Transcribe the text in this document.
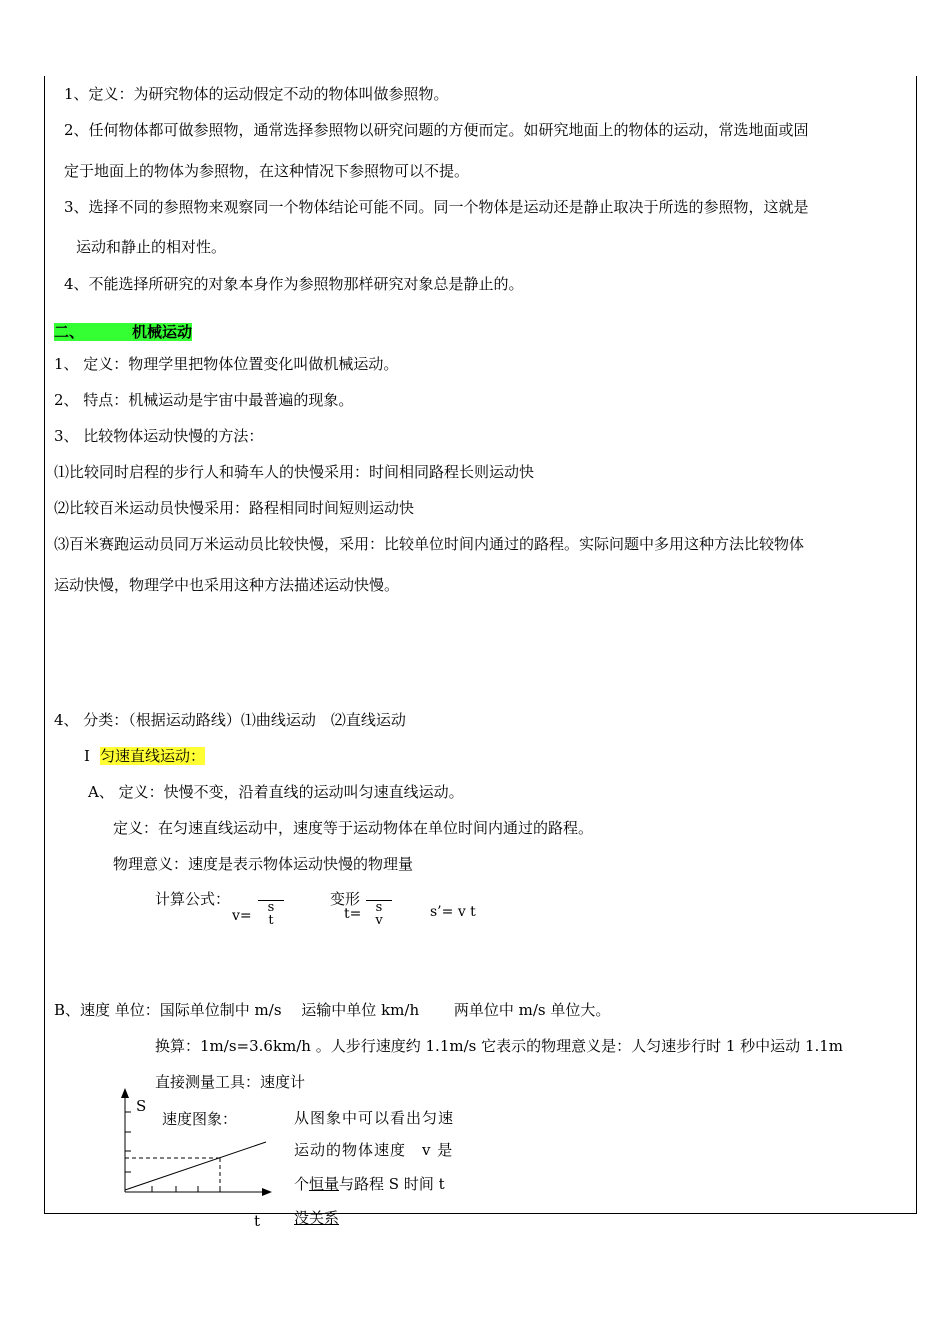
1、定义：为研究物体的运动假定不动的物体叫做参照物。
2、任何物体都可做参照物，通常选择参照物以研究问题的方便而定。如研究地面上的物体的运动，常选地面或固
定于地面上的物体为参照物，在这种情况下参照物可以不提。
3、选择不同的参照物来观察同一个物体结论可能不同。同一个物体是运动还是静止取决于所选的参照物，这就是
运动和静止的相对性。
4、不能选择所研究的对象本身作为参照物那样研究对象总是静止的。
二、	机械运动
1、 定义：物理学里把物体位置变化叫做机械运动。
2、 特点：机械运动是宇宙中最普遍的现象。
3、 比较物体运动快慢的方法：
⑴比较同时启程的步行人和骑车人的快慢采用：时间相同路程长则运动快
⑵比较百米运动员快慢采用：路程相同时间短则运动快
⑶百米赛跑运动员同万米运动员比较快慢，采用：比较单位时间内通过的路程。实际问题中多用这种方法比较物体
运动快慢，物理学中也采用这种方法描述运动快慢。
4、 分类：（根据运动路线）⑴曲线运动　⑵直线运动
Ⅰ 匀速直线运动：
A、 定义：快慢不变，沿着直线的运动叫匀速直线运动。
定义：在匀速直线运动中，速度等于运动物体在单位时间内通过的路程。
物理意义：速度是表示物体运动快慢的物理量
计算公式：
v=
s
t
变形
t=	s
v
s’= v t
B、速度 单位：国际单位制中 m/s　 运输中单位 km/h　　 两单位中 m/s 单位大。
换算：1m/s=3.6km/h 。人步行速度约 1.1m/s 它表示的物理意义是：人匀速步行时 1 秒中运动 1.1m
直接测量工具：速度计
S
t
速度图象：	从图象中可以看出匀速
运动的物体速度　v 是
个恒量与路程 S 时间 t
没关系
